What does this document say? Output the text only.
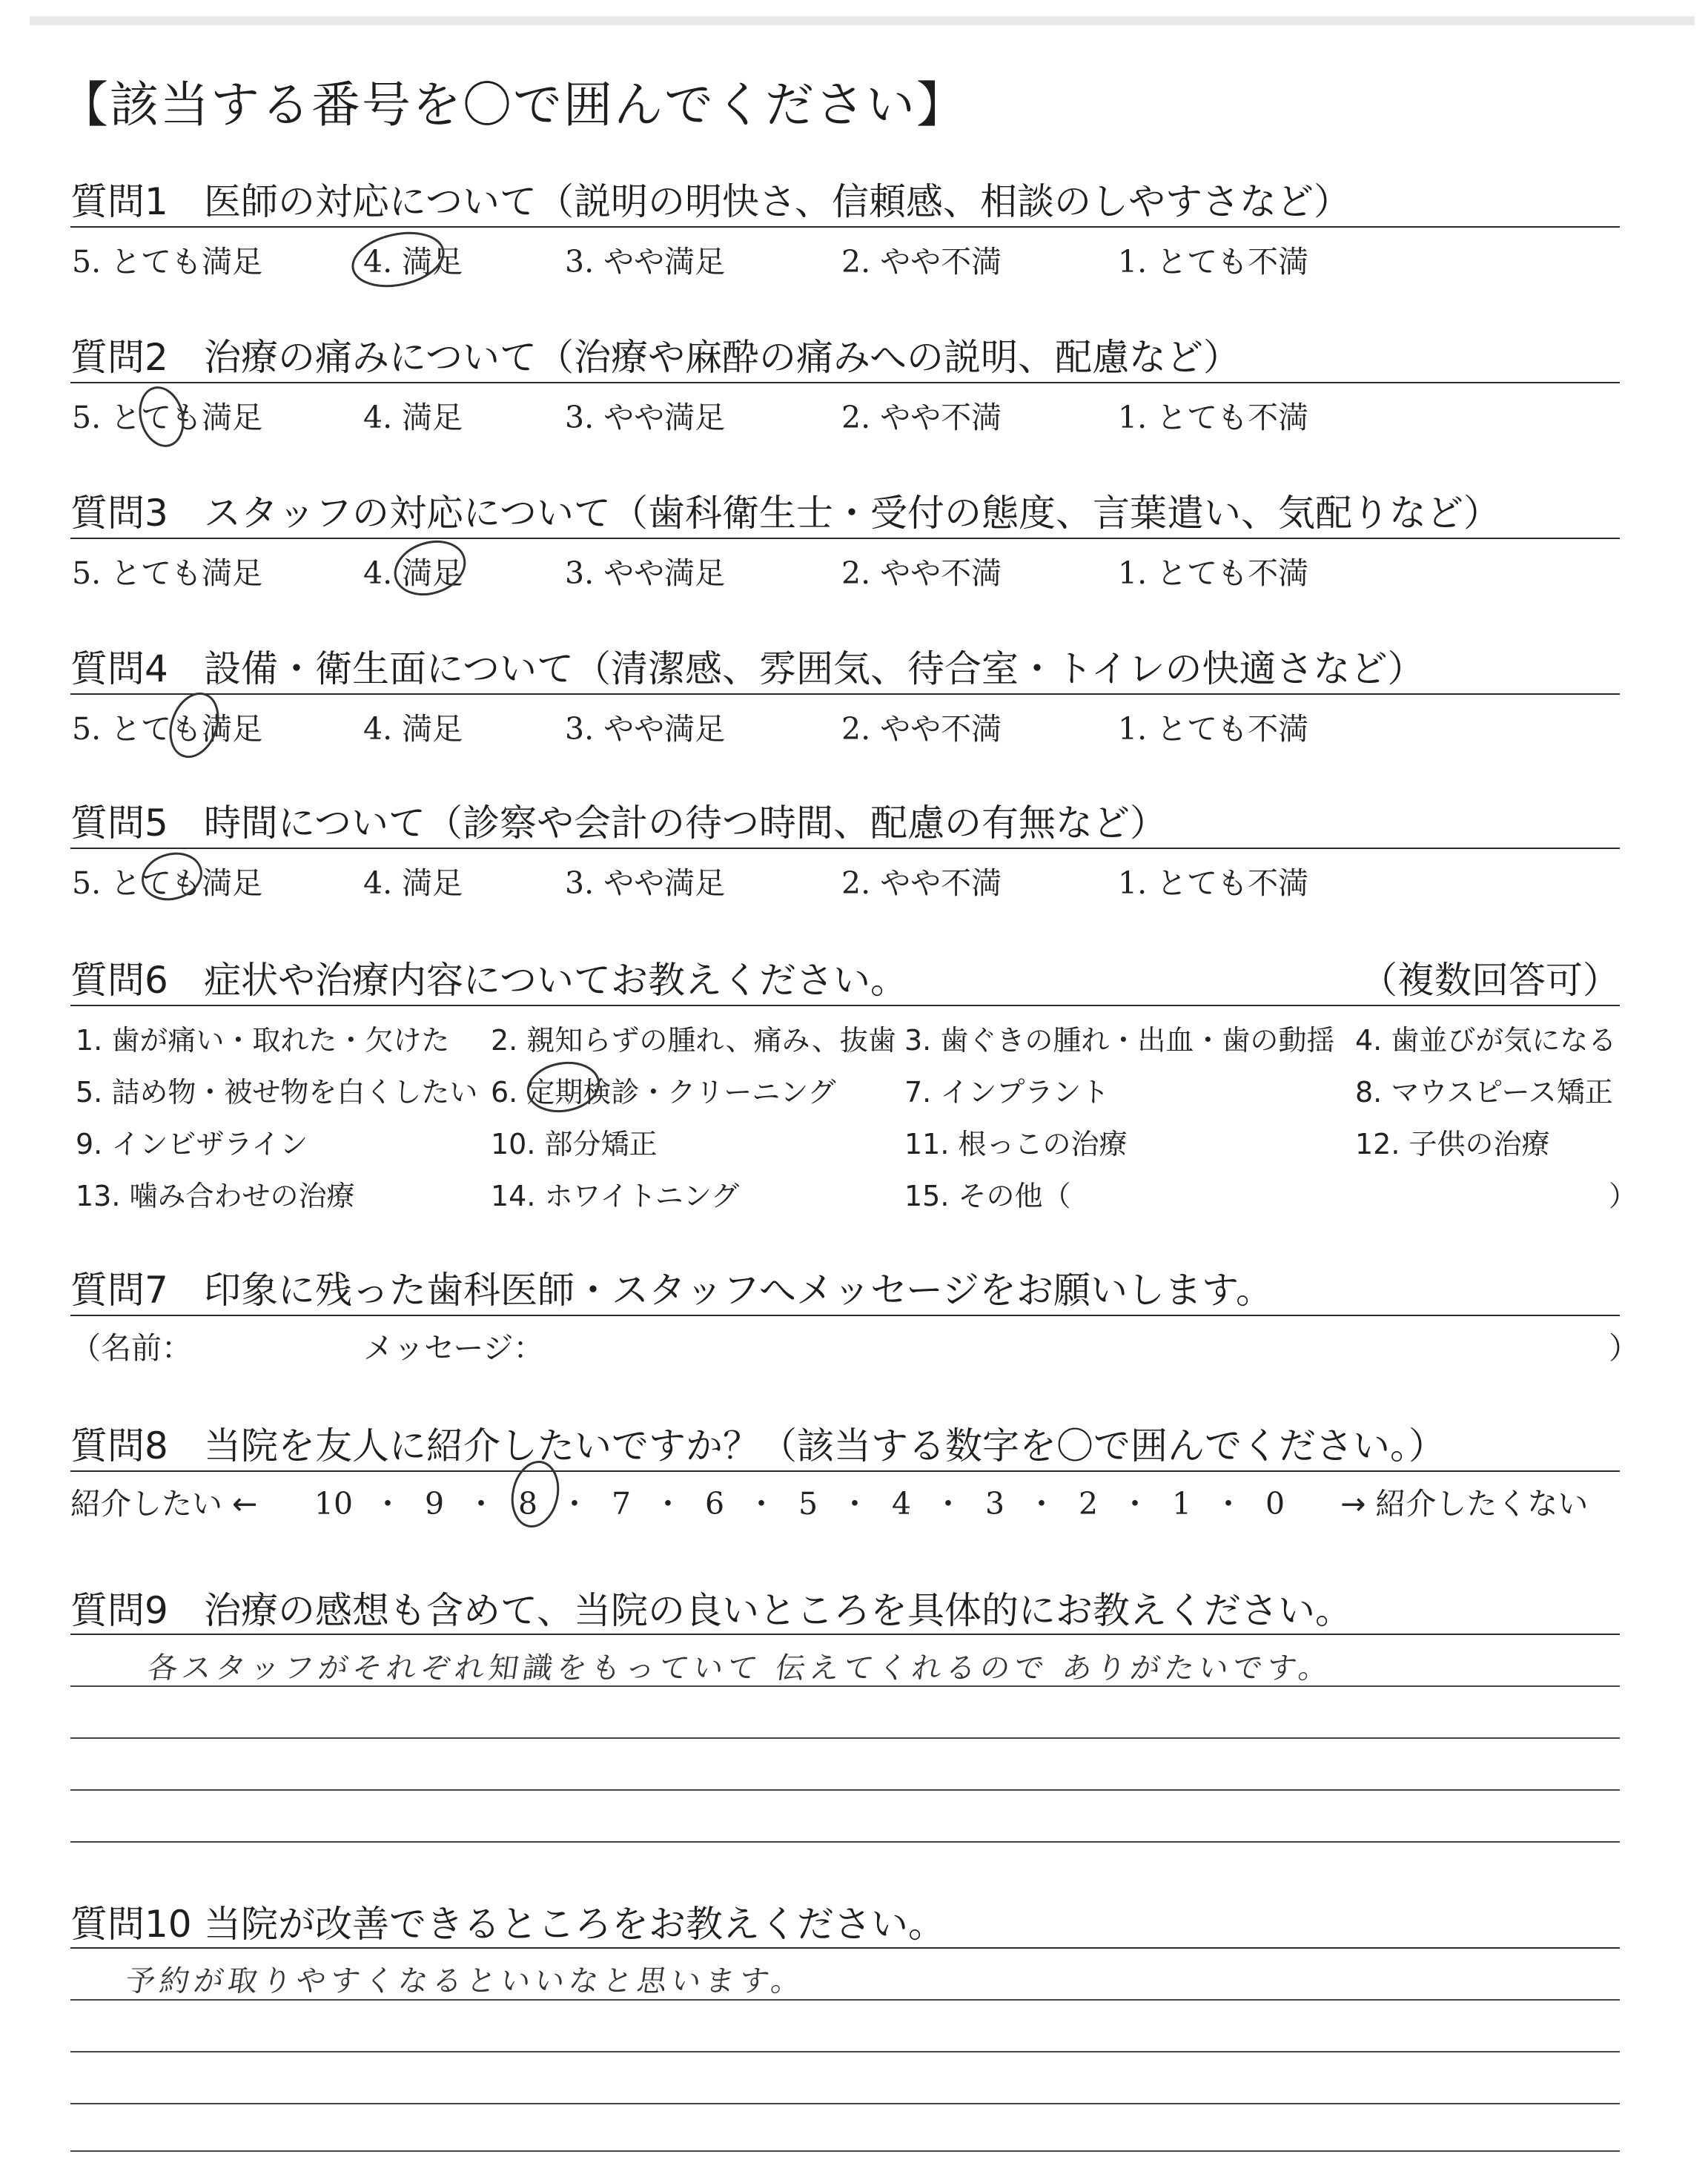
【該当する番号を〇で囲んでください】
質問1 医師の対応について（説明の明快さ、信頼感、相談のしやすさなど）
5. とても満足	4. 満足	3. やや満足	2. やや不満	1. とても不満
質問2 治療の痛みについて（治療や麻酔の痛みへの説明、配慮など）
5. とても満足	4. 満足	3. やや満足	2. やや不満	1. とても不満
質問3 スタッフの対応について（歯科衛生士・受付の態度、言葉遣い、気配りなど）
5. とても満足	4. 満足	3. やや満足	2. やや不満	1. とても不満
質問4 設備・衛生面について（清潔感、雰囲気、待合室・トイレの快適さなど）
5. とても満足	4. 満足	3. やや満足	2. やや不満	1. とても不満
質問5 時間について（診察や会計の待つ時間、配慮の有無など）
5. とても満足	4. 満足	3. やや満足	2. やや不満	1. とても不満
質問6 症状や治療内容についてお教えください。	（複数回答可）
1. 歯が痛い・取れた・欠けた 2. 親知らずの腫れ、痛み、抜歯 3. 歯ぐきの腫れ・出血・歯の動揺 4. 歯並びが気になる
5. 詰め物・被せ物を白くしたい 6. 定期検診・クリーニング 7. インプラント	8. マウスピース矯正
9. インビザライン	10. 部分矯正	11. 根っこの治療	12. 子供の治療
13. 噛み合わせの治療	14. ホワイトニング	15. その他（	）
質問7 印象に残った歯科医師・スタッフへメッセージをお願いします。
（名前：	メッセージ：	）
質問8 当院を友人に紹介したいですか？（該当する数字を〇で囲んでください。）
紹介したい ←	→ 紹介したくない
10 ・ 9 ・ 8 ・ 7 ・ 6 ・ 5 ・ 4 ・ 3 ・ 2 ・ 1 ・ 0
質問9 治療の感想も含めて、当院の良いところを具体的にお教えください。
各スタッフがそれぞれ知識をもっていて 伝えてくれるので ありがたいです。
質問10 当院が改善できるところをお教えください。
予約が取りやすくなるといいなと思います。
